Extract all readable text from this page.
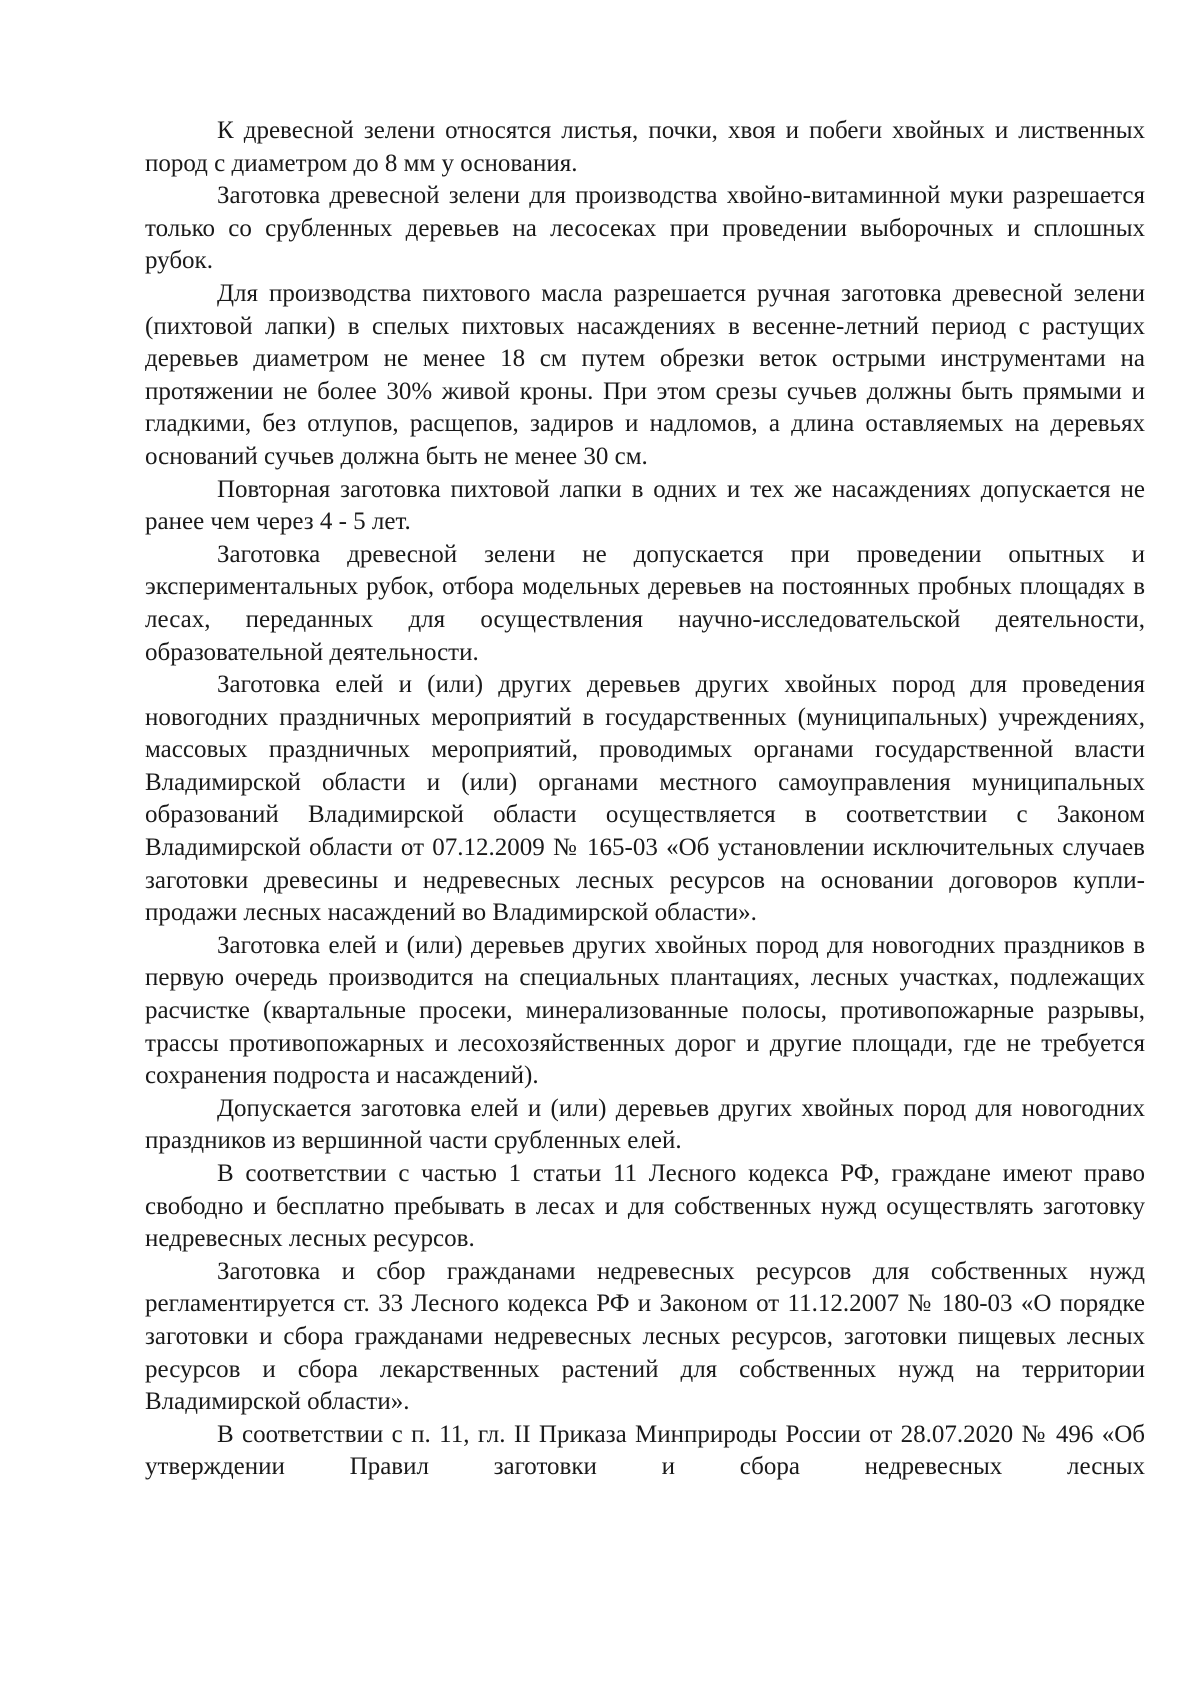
К древесной зелени относятся листья, почки, хвоя и побеги хвойных и лиственных пород с диаметром до 8 мм у основания.

Заготовка древесной зелени для производства хвойно-витаминной муки разрешается только со срубленных деревьев на лесосеках при проведении выборочных и сплошных рубок.

Для производства пихтового масла разрешается ручная заготовка древесной зелени (пихтовой лапки) в спелых пихтовых насаждениях в весенне-летний период с растущих деревьев диаметром не менее 18 см путем обрезки веток острыми инструментами на протяжении не более 30% живой кроны. При этом срезы сучьев должны быть прямыми и гладкими, без отлупов, расщепов, задиров и надломов, а длина оставляемых на деревьях оснований сучьев должна быть не менее 30 см.

Повторная заготовка пихтовой лапки в одних и тех же насаждениях допускается не ранее чем через 4 - 5 лет.

Заготовка древесной зелени не допускается при проведении опытных и экспериментальных рубок, отбора модельных деревьев на постоянных пробных площадях в лесах, переданных для осуществления научно-исследовательской деятельности, образовательной деятельности.

Заготовка елей и (или) других деревьев других хвойных пород для проведения новогодних праздничных мероприятий в государственных (муниципальных) учреждениях, массовых праздничных мероприятий, проводимых органами государственной власти Владимирской области и (или) органами местного самоуправления муниципальных образований Владимирской области осуществляется в соответствии с Законом Владимирской области от 07.12.2009 № 165-03 «Об установлении исключительных случаев заготовки древесины и недревесных лесных ресурсов на основании договоров купли-продажи лесных насаждений во Владимирской области».

Заготовка елей и (или) деревьев других хвойных пород для новогодних праздников в первую очередь производится на специальных плантациях, лесных участках, подлежащих расчистке (квартальные просеки, минерализованные полосы, противопожарные разрывы, трассы противопожарных и лесохозяйственных дорог и другие площади, где не требуется сохранения подроста и насаждений).

Допускается заготовка елей и (или) деревьев других хвойных пород для новогодних праздников из вершинной части срубленных елей.

В соответствии с частью 1 статьи 11 Лесного кодекса РФ, граждане имеют право свободно и бесплатно пребывать в лесах и для собственных нужд осуществлять заготовку недревесных лесных ресурсов.

Заготовка и сбор гражданами недревесных ресурсов для собственных нужд регламентируется ст. 33 Лесного кодекса РФ и Законом от 11.12.2007 № 180-03 «О порядке заготовки и сбора гражданами недревесных лесных ресурсов, заготовки пищевых лесных ресурсов и сбора лекарственных растений для собственных нужд на территории Владимирской области».

В соответствии с п. 11, гл. II Приказа Минприроды России от 28.07.2020 № 496 «Об утверждении Правил заготовки и сбора недревесных лесных
